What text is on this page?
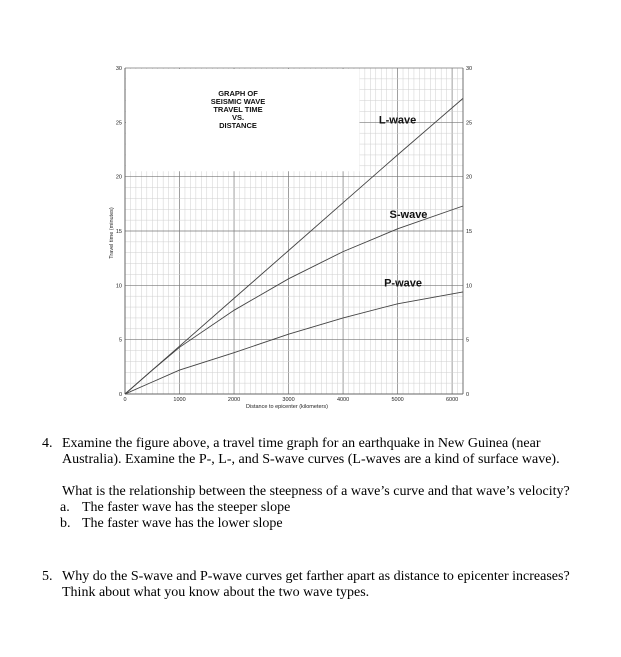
GRAPH OF
SEISMIC WAVE
TRAVEL TIME
VS.
DISTANCE
Distance to epicenter (kilometers)
Travel time (minutes)
0	1000	2000	3000	4000	5000	6000
0	0
5	5
10	10
15	15
20	20
25	25
30	30
L-wave
S-wave
P-wave
4. Examine the figure above, a travel time graph for an earthquake in New Guinea (near

Australia). Examine the P-, L-, and S-wave curves (L-waves are a kind of surface wave).

What is the relationship between the steepness of a wave’s curve and that wave’s velocity?

a. The faster wave has the steeper slope
b. The faster wave has the lower slope
5. Why do the S-wave and P-wave curves get farther apart as distance to epicenter increases?

Think about what you know about the two wave types.
